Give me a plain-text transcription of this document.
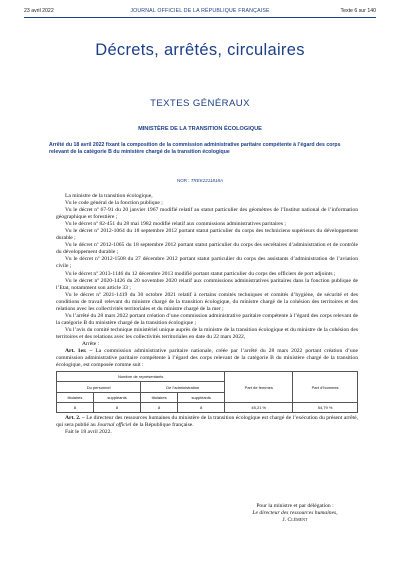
23 avril 2022	JOURNAL OFFICIEL DE LA RÉPUBLIQUE FRANÇAISE	Texte 6 sur 140
Décrets, arrêtés, circulaires
TEXTES GÉNÉRAUX
MINISTÈRE DE LA TRANSITION ÉCOLOGIQUE
Arrêté du 18 avril 2022 fixant la composition de la commission administrative paritaire compétente à l’égard des corps relevant de la catégorie B du ministère chargé de la transition écologique
NOR : TREK2211818A

La ministre de la transition écologique,

Vu le code général de la fonction publique ;

Vu le décret nº 67-91 du 20 janvier 1967 modifié relatif au statut particulier des géomètres de l’Institut national de l’information géographique et forestière ;

Vu le décret nº 82-451 du 28 mai 1982 modifié relatif aux commissions administratives paritaires ;

Vu le décret nº 2012-1064 du 18 septembre 2012 portant statut particulier du corps des techniciens supérieurs du développement durable ;

Vu le décret nº 2012-1065 du 18 septembre 2012 portant statut particulier du corps des secrétaires d’administration et de contrôle du développement durable ;

Vu le décret nº 2012-1508 du 27 décembre 2012 portant statut particulier du corps des assistants d’administration de l’aviation civile ;

Vu le décret nº 2013-1146 du 12 décembre 2013 modifié portant statut particulier du corps des officiers de port adjoints ;

Vu le décret nº 2020-1426 du 20 novembre 2020 relatif aux commissions administratives paritaires dans la fonction publique de l’Etat, notamment son article 33 ;

Vu le décret nº 2021-1419 du 30 octobre 2021 relatif à certains comités techniques et comités d’hygiène, de sécurité et des conditions de travail relevant du ministre chargé de la transition écologique, du ministre chargé de la cohésion des territoires et des relations avec les collectivités territoriales et du ministre chargé de la mer ;

Vu l’arrêté du 28 mars 2022 portant création d’une commission administrative paritaire compétente à l’égard des corps relevant de la catégorie B du ministère chargé de la transition écologique ;

Vu l’avis du comité technique ministériel unique auprès de la ministre de la transition écologique et du ministre de la cohésion des territoires et des relations avec les collectivités territoriales en date du 22 mars 2022,

Arrête :

Art. 1er. – La commission administrative paritaire nationale, créée par l’arrêté du 28 mars 2022 portant création d’une commission administrative paritaire compétente à l’égard des corps relevant de la catégorie B du ministère chargé de la transition écologique, est composée comme suit :

Nombre de représentants				Part de femmes	Part d’hommes
Du personnel		De l’administration			
titulaires	suppléants	titulaires	suppléants		
8	8	8	8	45,21 %	54,79 %

Art. 2. – Le directeur des ressources humaines du ministère de la transition écologique est chargé de l’exécution du présent arrêté, qui sera publié au Journal officiel de la République française.

Fait le 18 avril 2022.

Pour la ministre et par délégation :
Le directeur des ressources humaines,
J. Clément
